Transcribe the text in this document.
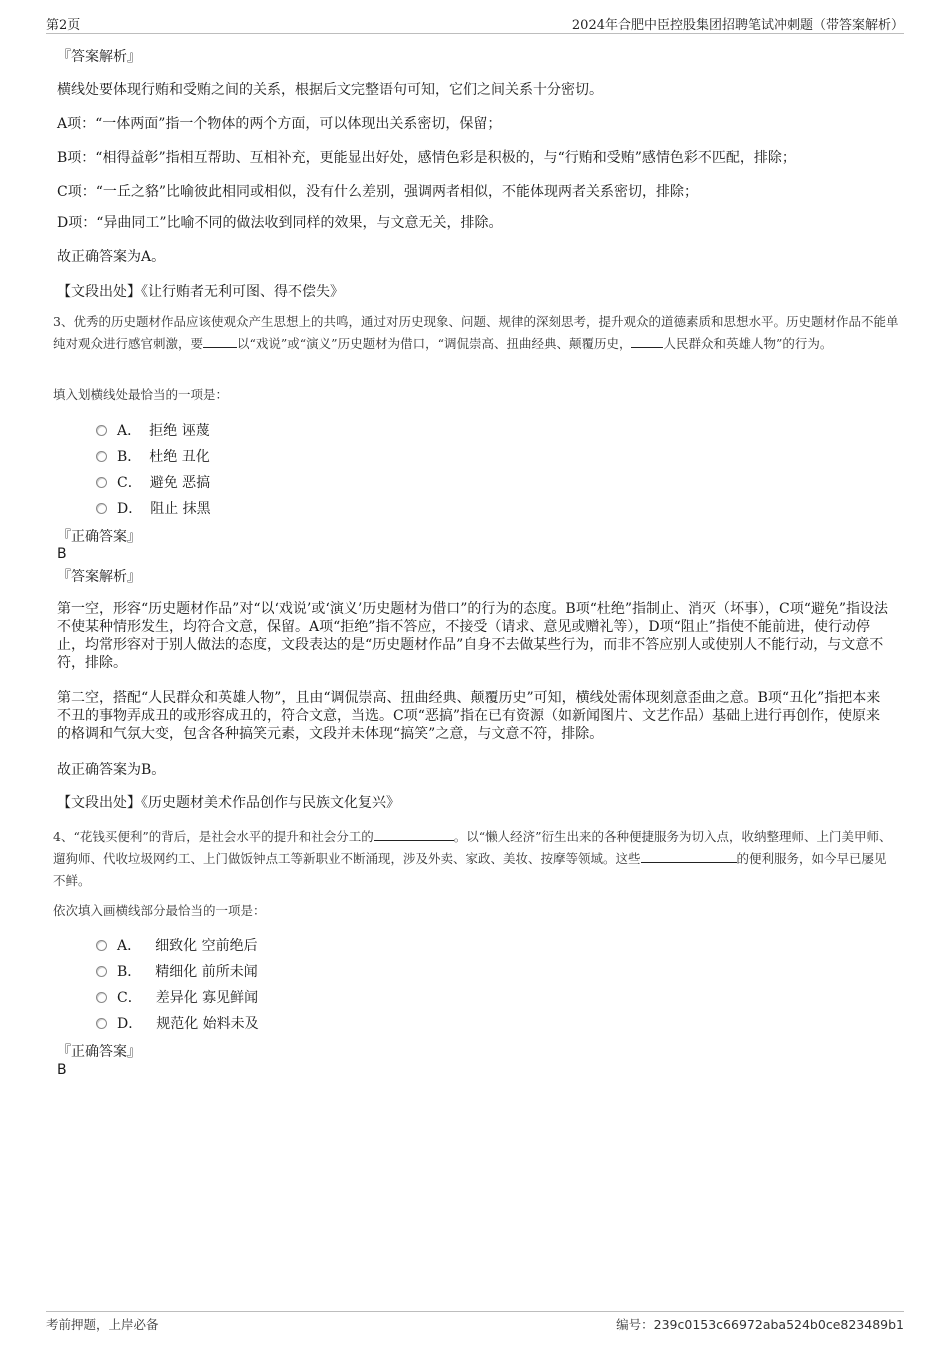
第2页	2024年合肥中臣控股集团招聘笔试冲刺题（带答案解析）
『答案解析』
横线处要体现行贿和受贿之间的关系，根据后文完整语句可知，它们之间关系十分密切。
A项：“一体两面”指一个物体的两个方面，可以体现出关系密切，保留；
B项：“相得益彰”指相互帮助、互相补充，更能显出好处，感情色彩是积极的，与“行贿和受贿”感情色彩不匹配，排除；
C项：“一丘之貉”比喻彼此相同或相似，没有什么差别，强调两者相似，不能体现两者关系密切，排除；
D项：“异曲同工”比喻不同的做法收到同样的效果，与文意无关，排除。
故正确答案为A。
【文段出处】《让行贿者无利可图、得不偿失》
3、优秀的历史题材作品应该使观众产生思想上的共鸣，通过对历史现象、问题、规律的深刻思考，提升观众的道德素质和思想水平。历史题材作品不能单纯对观众进行感官刺激，要	以“戏说”或“演义”历史题材为借口，“调侃崇高、扭曲经典、颠覆历史，	人民群众和英雄人物”的行为。
填入划横线处最恰当的一项是：
A． 拒绝 诬蔑
B． 杜绝 丑化
C． 避免 恶搞
D． 阻止 抹黑
『正确答案』
B
『答案解析』
第一空，形容“历史题材作品”对“以‘戏说’或‘演义’历史题材为借口”的行为的态度。B项“杜绝”指制止、消灭（坏事），C项“避免”指设法不使某种情形发生，均符合文意，保留。A项“拒绝”指不答应，不接受（请求、意见或赠礼等），D项“阻止”指使不能前进，使行动停止，均常形容对于别人做法的态度，文段表达的是“历史题材作品”自身不去做某些行为，而非不答应别人或使别人不能行动，与文意不符，排除。
第二空，搭配“人民群众和英雄人物”，且由“调侃崇高、扭曲经典、颠覆历史”可知，横线处需体现刻意歪曲之意。B项“丑化”指把本来不丑的事物弄成丑的或形容成丑的，符合文意，当选。C项“恶搞”指在已有资源（如新闻图片、文艺作品）基础上进行再创作，使原来的格调和气氛大变，包含各种搞笑元素，文段并未体现“搞笑”之意，与文意不符，排除。
故正确答案为B。
【文段出处】《历史题材美术作品创作与民族文化复兴》
4、“花钱买便利”的背后，是社会水平的提升和社会分工的	。以“懒人经济”衍生出来的各种便捷服务为切入点，收纳整理师、上门美甲师、遛狗师、代收垃圾网约工、上门做饭钟点工等新职业不断涌现，涉及外卖、家政、美妆、按摩等领域。这些	的便利服务，如今早已屡见不鲜。
依次填入画横线部分最恰当的一项是：
A． 细致化 空前绝后
B． 精细化 前所未闻
C． 差异化 寡见鲜闻
D． 规范化 始料未及
『正确答案』
B
考前押题，上岸必备	编号：239c0153c66972aba524b0ce823489b1
